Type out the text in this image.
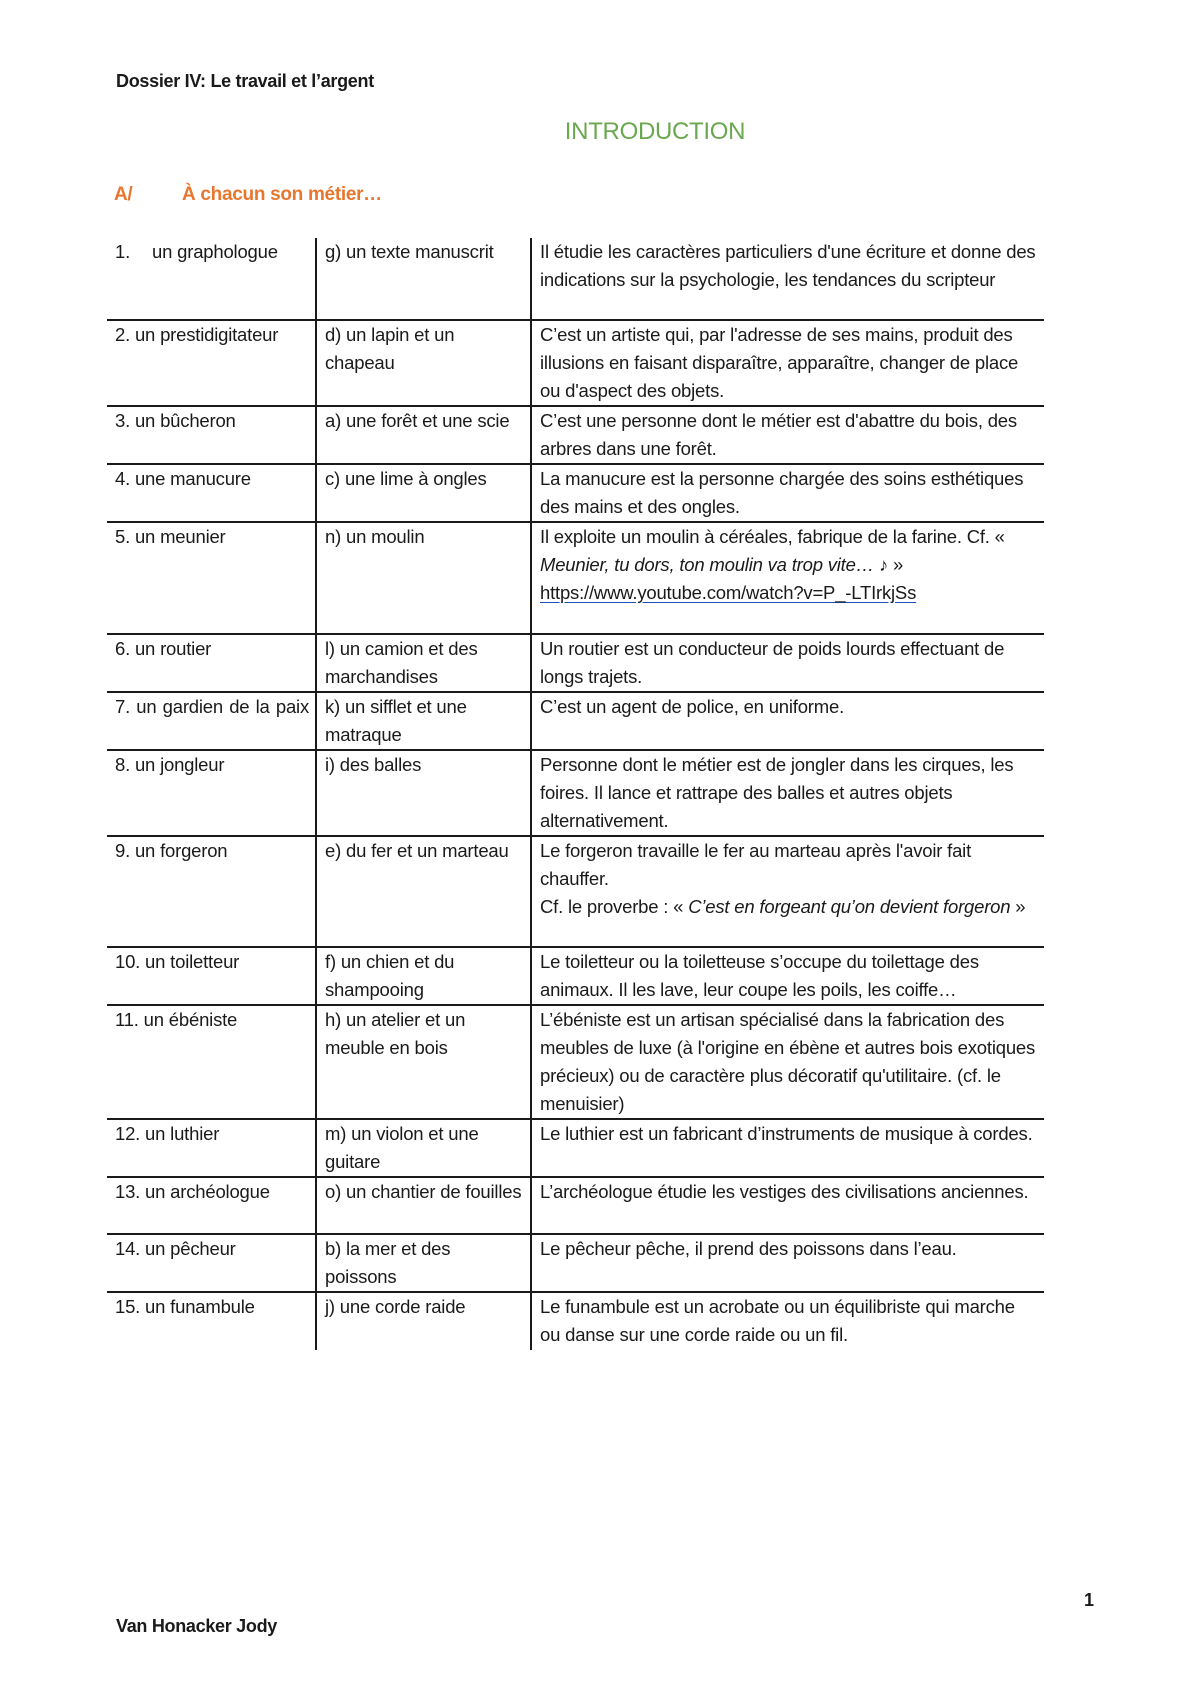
Dossier IV: Le travail et l’argent
INTRODUCTION
A/	À chacun son métier…
1. un graphologue	g) un texte manuscrit	Il étudie les caractères particuliers d'une écriture et donne des indications sur la psychologie, les tendances du scripteur
2. un prestidigitateur	d) un lapin et un chapeau	C’est un artiste qui, par l'adresse de ses mains, produit des illusions en faisant disparaître, apparaître, changer de place ou d'aspect des objets.
3. un bûcheron	a) une forêt et une scie	C’est une personne dont le métier est d'abattre du bois, des arbres dans une forêt.
4. une manucure	c) une lime à ongles	La manucure est la personne chargée des soins esthétiques des mains et des ongles.
5. un meunier	n) un moulin	Il exploite un moulin à céréales, fabrique de la farine. Cf. « Meunier, tu dors, ton moulin va trop vite… ♪ » https://www.youtube.com/watch?v=P_-LTIrkjSs
6. un routier	l) un camion et des marchandises	Un routier est un conducteur de poids lourds effectuant de longs trajets.

7. un gardien de la paix	k) un sifflet et une matraque	C’est un agent de police, en uniforme.
8. un jongleur	i) des balles	Personne dont le métier est de jongler dans les cirques, les foires. Il lance et rattrape des balles et autres objets alternativement.
9. un forgeron	e) du fer et un marteau	Le forgeron travaille le fer au marteau après l'avoir fait chauffer.
Cf. le proverbe : « C’est en forgeant qu’on devient forgeron »
10. un toiletteur	f) un chien et du shampooing	Le toiletteur ou la toiletteuse s’occupe du toilettage des animaux. Il les lave, leur coupe les poils, les coiffe…
11. un ébéniste	h) un atelier et un meuble en bois	L’ébéniste est un artisan spécialisé dans la fabrication des meubles de luxe (à l'origine en ébène et autres bois exotiques précieux) ou de caractère plus décoratif qu'utilitaire. (cf. le menuisier)
12. un luthier	m) un violon et une guitare	Le luthier est un fabricant d’instruments de musique à cordes.
13. un archéologue	o) un chantier de fouilles	L’archéologue étudie les vestiges des civilisations anciennes.
14. un pêcheur	b) la mer et des poissons	Le pêcheur pêche, il prend des poissons dans l’eau.
15. un funambule	j) une corde raide	Le funambule est un acrobate ou un équilibriste qui marche ou danse sur une corde raide ou un fil.
1
Van Honacker Jody
